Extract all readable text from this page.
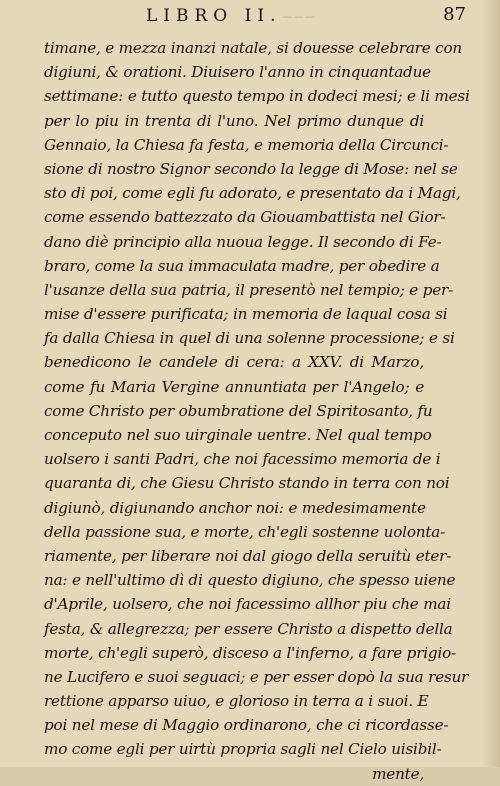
───
LIBRO II.	87
timane, e mezza inanzi natale, si douesse celebrare con
digiuni, & orationi. Diuisero l'anno in cinquantadue
settimane: e tutto questo tempo in dodeci mesi; e li mesi
per lo piu in trenta di l'uno. Nel primo dunque di
Gennaio, la Chiesa fa festa, e memoria della Circunci-
sione di nostro Signor secondo la legge di Mose: nel se
sto di poi, come egli fu adorato, e presentato da i Magi,
come essendo battezzato da Giouambattista nel Gior-
dano diè principio alla nuoua legge. Il secondo di Fe-
braro, come la sua immaculata madre, per obedire a
l'usanze della sua patria, il presentò nel tempio; e per-
mise d'essere purificata; in memoria de laqual cosa si
fa dalla Chiesa in quel di una solenne processione; e si
benedicono le candele di cera: a XXV. di Marzo,
come fu Maria Vergine annuntiata per l'Angelo; e
come Christo per obumbratione del Spiritosanto, fu
conceputo nel suo uirginale uentre. Nel qual tempo
uolsero i santi Padri, che noi facessimo memoria de i
quaranta di, che Giesu Christo stando in terra con noi
digiunò, digiunando anchor noi: e medesimamente
della passione sua, e morte, ch'egli sostenne uolonta-
riamente, per liberare noi dal giogo della seruitù eter-
na: e nell'ultimo dì di questo digiuno, che spesso uiene
d'Aprile, uolsero, che noi facessimo allhor piu che mai
festa, & allegrezza; per essere Christo a dispetto della
morte, ch'egli superò, disceso a l'inferno, a fare prigio-
ne Lucifero e suoi seguaci; e per esser dopò la sua resur
rettione apparso uiuo, e glorioso in terra a i suoi. E
poi nel mese di Maggio ordinarono, che ci ricordasse-
mo come egli per uirtù propria sagli nel Cielo uisibil-
mente,
